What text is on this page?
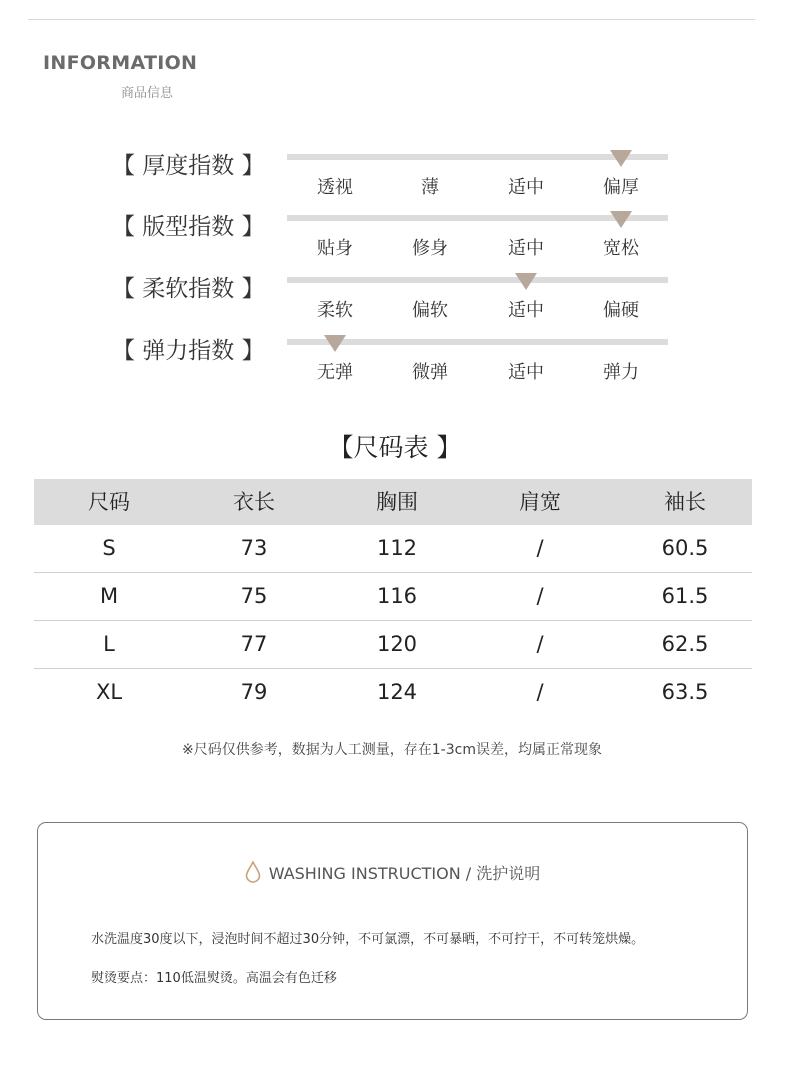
INFORMATION
商品信息
【 厚度指数 】
透视	薄	适中	偏厚
【 版型指数 】
贴身	修身	适中	宽松
【 柔软指数 】
柔软	偏软	适中	偏硬
【 弹力指数 】
无弹	微弹	适中	弹力
【尺码表 】
尺码	衣长	胸围	肩宽	袖长
S	73	112	/	60.5
M	75	116	/	61.5
L	77	120	/	62.5
XL	79	124	/	63.5
※尺码仅供参考，数据为人工测量，存在1-3cm误差，均属正常现象
WASHING INSTRUCTION / 洗护说明
水洗温度30度以下，浸泡时间不超过30分钟，不可氯漂，不可暴晒，不可拧干，不可转笼烘燥。
熨烫要点：110低温熨烫。高温会有色迁移
